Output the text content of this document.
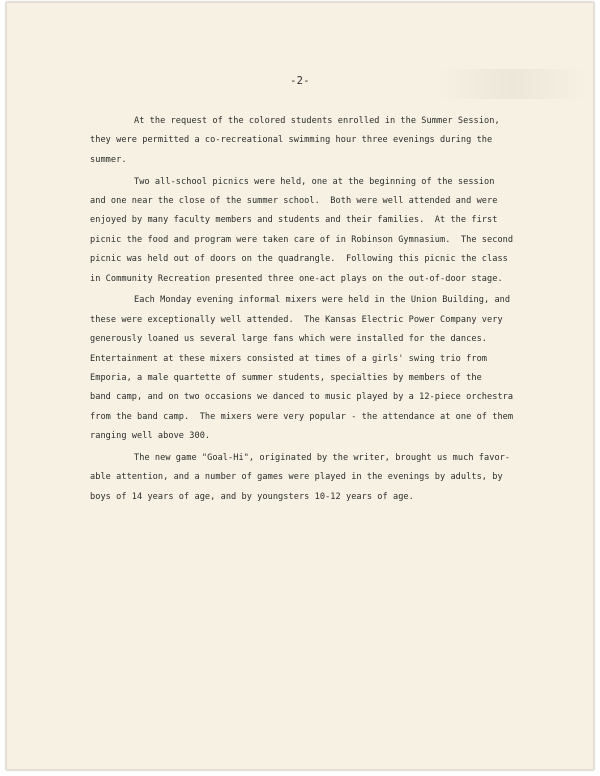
-2-

At the request of the colored students enrolled in the Summer Session,
they were permitted a co-recreational swimming hour three evenings during the
summer.

Two all-school picnics were held, one at the beginning of the session
and one near the close of the summer school.  Both were well attended and were
enjoyed by many faculty members and students and their families.  At the first
picnic the food and program were taken care of in Robinson Gymnasium.  The second
picnic was held out of doors on the quadrangle.  Following this picnic the class
in Community Recreation presented three one-act plays on the out-of-door stage.

Each Monday evening informal mixers were held in the Union Building, and
these were exceptionally well attended.  The Kansas Electric Power Company very
generously loaned us several large fans which were installed for the dances.
Entertainment at these mixers consisted at times of a girls' swing trio from
Emporia, a male quartette of summer students, specialties by members of the
band camp, and on two occasions we danced to music played by a 12-piece orchestra
from the band camp.  The mixers were very popular - the attendance at one of them
ranging well above 300.

The new game "Goal-Hi", originated by the writer, brought us much favor-
able attention, and a number of games were played in the evenings by adults, by
boys of 14 years of age, and by youngsters 10-12 years of age.
